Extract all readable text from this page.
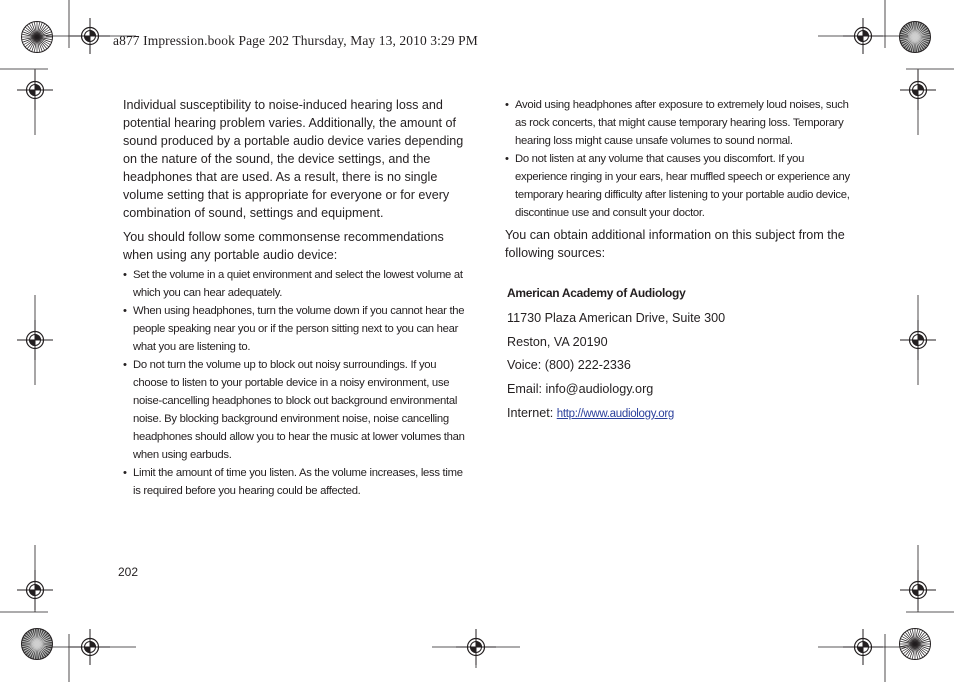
a877 Impression.book Page 202 Thursday, May 13, 2010 3:29 PM

Individual susceptibility to noise-induced hearing loss and potential hearing problem varies. Additionally, the amount of sound produced by a portable audio device varies depending on the nature of the sound, the device settings, and the headphones that are used. As a result, there is no single volume setting that is appropriate for everyone or for every combination of sound, settings and equipment.

You should follow some commonsense recommendations when using any portable audio device:

• Set the volume in a quiet environment and select the lowest volume at which you can hear adequately.
• When using headphones, turn the volume down if you cannot hear the people speaking near you or if the person sitting next to you can hear what you are listening to.
• Do not turn the volume up to block out noisy surroundings. If you choose to listen to your portable device in a noisy environment, use noise-cancelling headphones to block out background environmental noise. By blocking background environment noise, noise cancelling headphones should allow you to hear the music at lower volumes than when using earbuds.
• Limit the amount of time you listen. As the volume increases, less time is required before you hearing could be affected.
• Avoid using headphones after exposure to extremely loud noises, such as rock concerts, that might cause temporary hearing loss. Temporary hearing loss might cause unsafe volumes to sound normal.
• Do not listen at any volume that causes you discomfort. If you experience ringing in your ears, hear muffled speech or experience any temporary hearing difficulty after listening to your portable audio device, discontinue use and consult your doctor.

You can obtain additional information on this subject from the following sources:

American Academy of Audiology
11730 Plaza American Drive, Suite 300
Reston, VA 20190
Voice: (800) 222-2336
Email: info@audiology.org
Internet: http://www.audiology.org
202
